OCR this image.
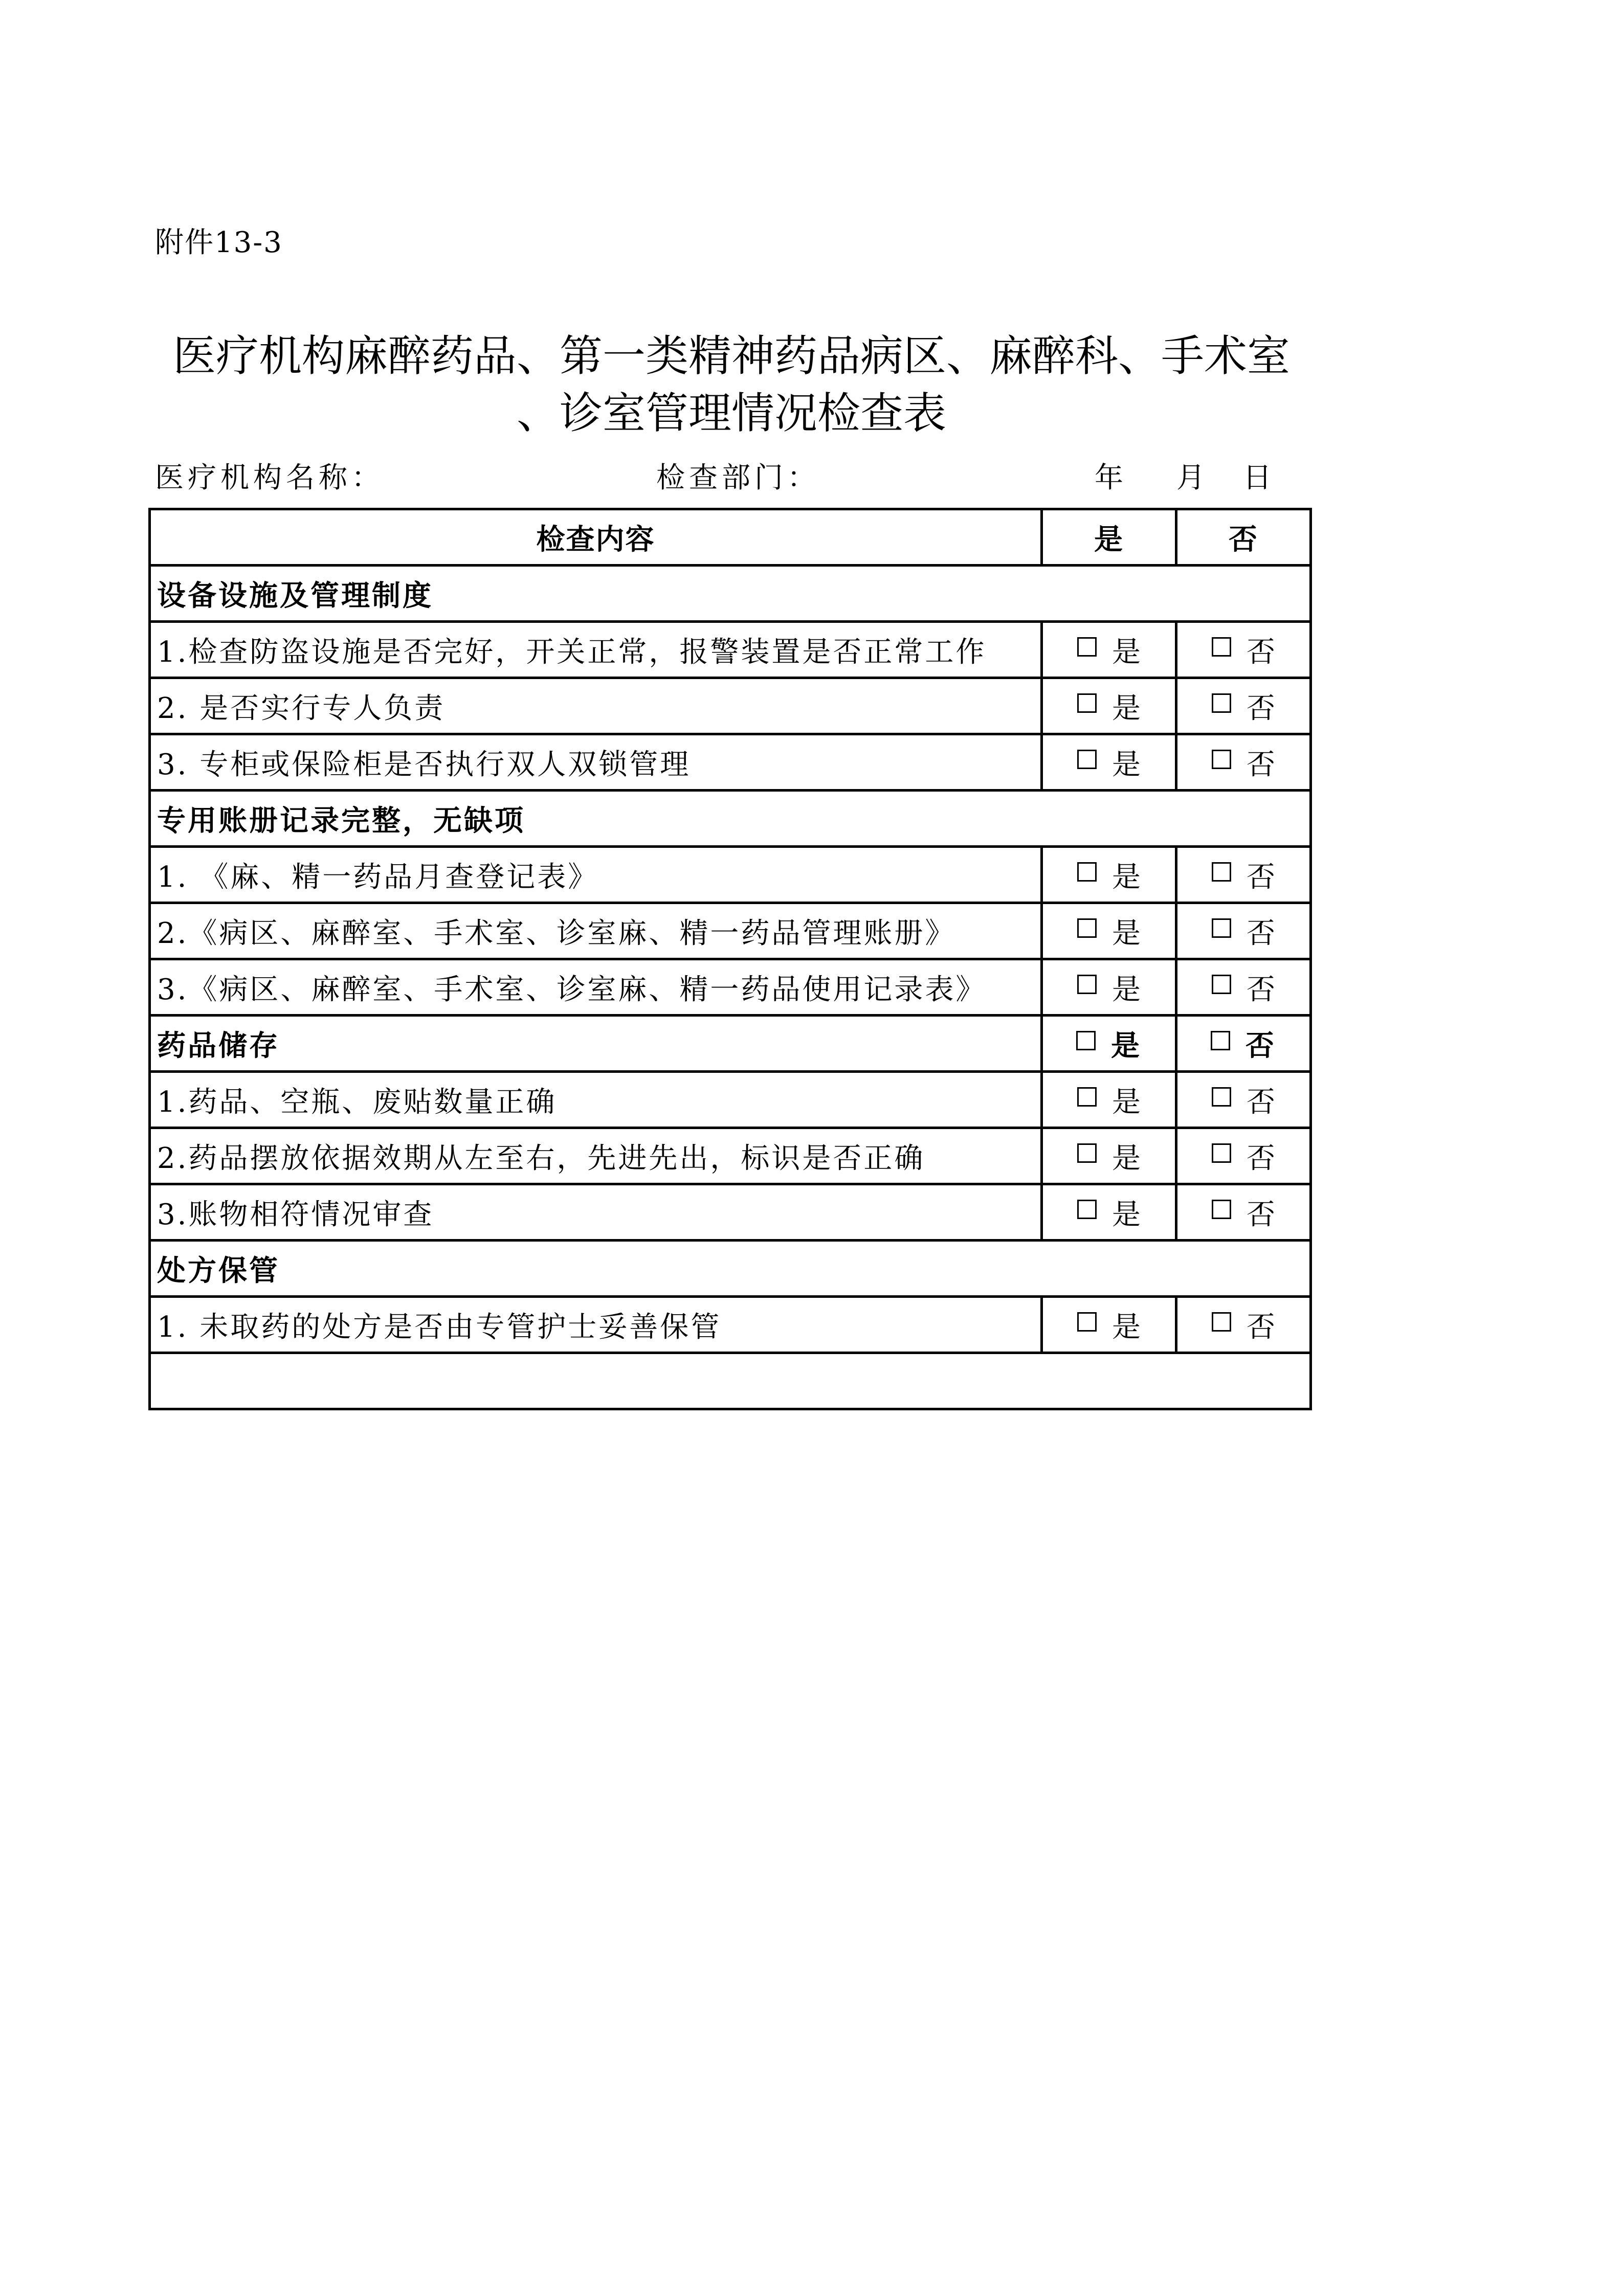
附件13-3
医疗机构麻醉药品、第一类精神药品病区、麻醉科、手术室
、诊室管理情况检查表
医疗机构名称：	检查部门：	年 月 日
检查内容	是	否
设备设施及管理制度		
1.检查防盗设施是否完好，开关正常，报警装置是否正常工作	是	否
2. 是否实行专人负责	是	否
3. 专柜或保险柜是否执行双人双锁管理	是	否
专用账册记录完整，无缺项		
1. 《麻、精一药品月查登记表》	是	否
2.《病区、麻醉室、手术室、诊室麻、精一药品管理账册》	是	否
3.《病区、麻醉室、手术室、诊室麻、精一药品使用记录表》	是	否
药品储存	是	否
1.药品、空瓶、废贴数量正确	是	否
2.药品摆放依据效期从左至右，先进先出，标识是否正确	是	否
3.账物相符情况审查	是	否
处方保管		
1. 未取药的处方是否由专管护士妥善保管	是	否
